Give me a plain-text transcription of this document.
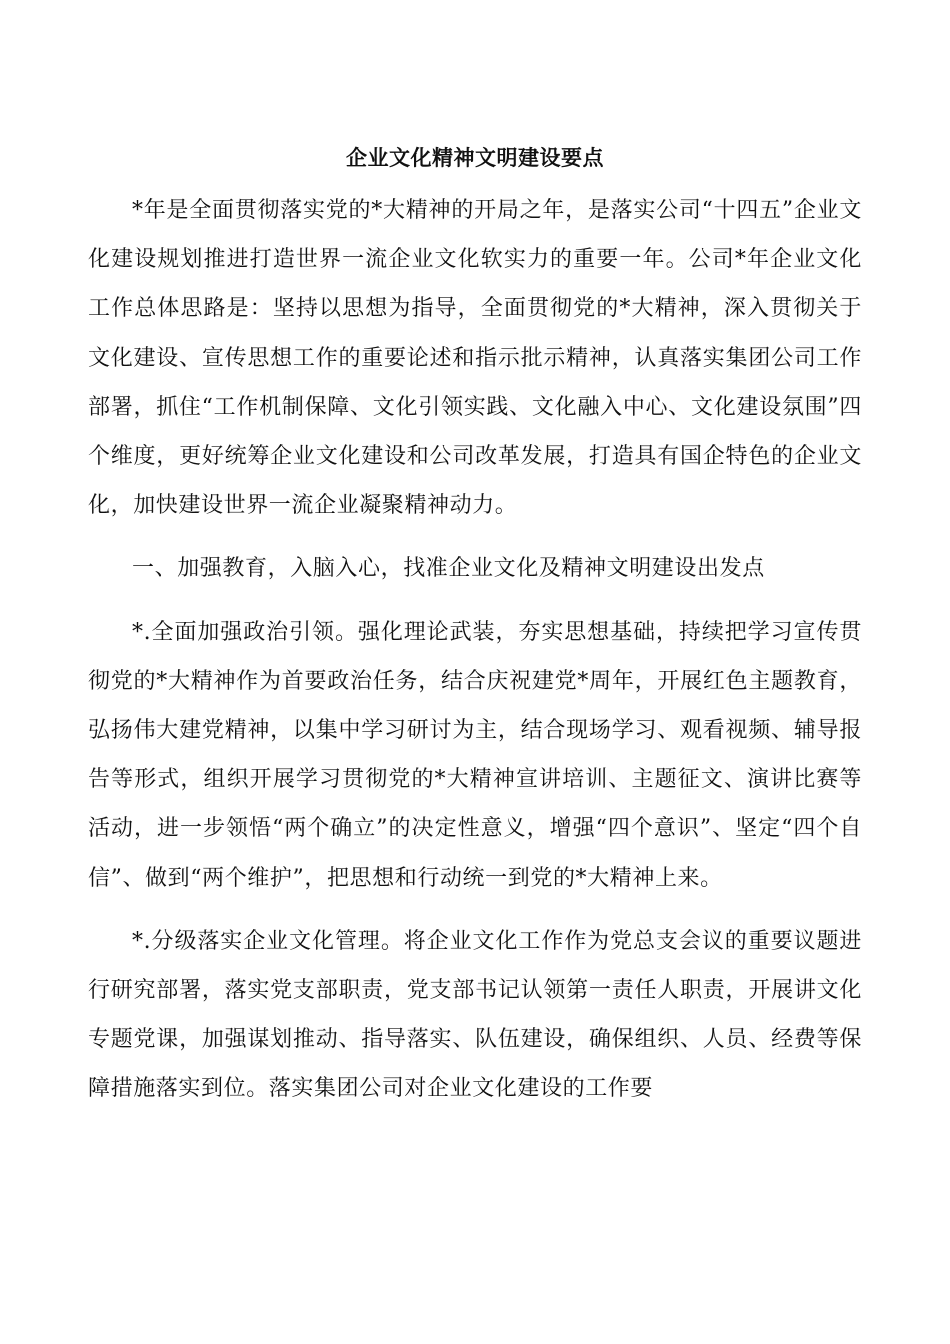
企业文化精神文明建设要点

*年是全面贯彻落实党的*大精神的开局之年，是落实公司“十四五”企业文化建设规划推进打造世界一流企业文化软实力的重要一年。公司*年企业文化工作总体思路是：坚持以思想为指导，全面贯彻党的*大精神，深入贯彻关于文化建设、宣传思想工作的重要论述和指示批示精神，认真落实集团公司工作部署，抓住“工作机制保障、文化引领实践、文化融入中心、文化建设氛围”四个维度，更好统筹企业文化建设和公司改革发展，打造具有国企特色的企业文化，加快建设世界一流企业凝聚精神动力。

一、加强教育，入脑入心，找准企业文化及精神文明建设出发点

*.全面加强政治引领。强化理论武装，夯实思想基础，持续把学习宣传贯彻党的*大精神作为首要政治任务，结合庆祝建党*周年，开展红色主题教育，弘扬伟大建党精神，以集中学习研讨为主，结合现场学习、观看视频、辅导报告等形式，组织开展学习贯彻党的*大精神宣讲培训、主题征文、演讲比赛等活动，进一步领悟“两个确立”的决定性意义，增强“四个意识”、坚定“四个自信”、做到“两个维护”，把思想和行动统一到党的*大精神上来。

*.分级落实企业文化管理。将企业文化工作作为党总支会议的重要议题进行研究部署，落实党支部职责，党支部书记认领第一责任人职责，开展讲文化专题党课，加强谋划推动、指导落实、队伍建设，确保组织、人员、经费等保障措施落实到位。落实集团公司对企业文化建设的工作要
